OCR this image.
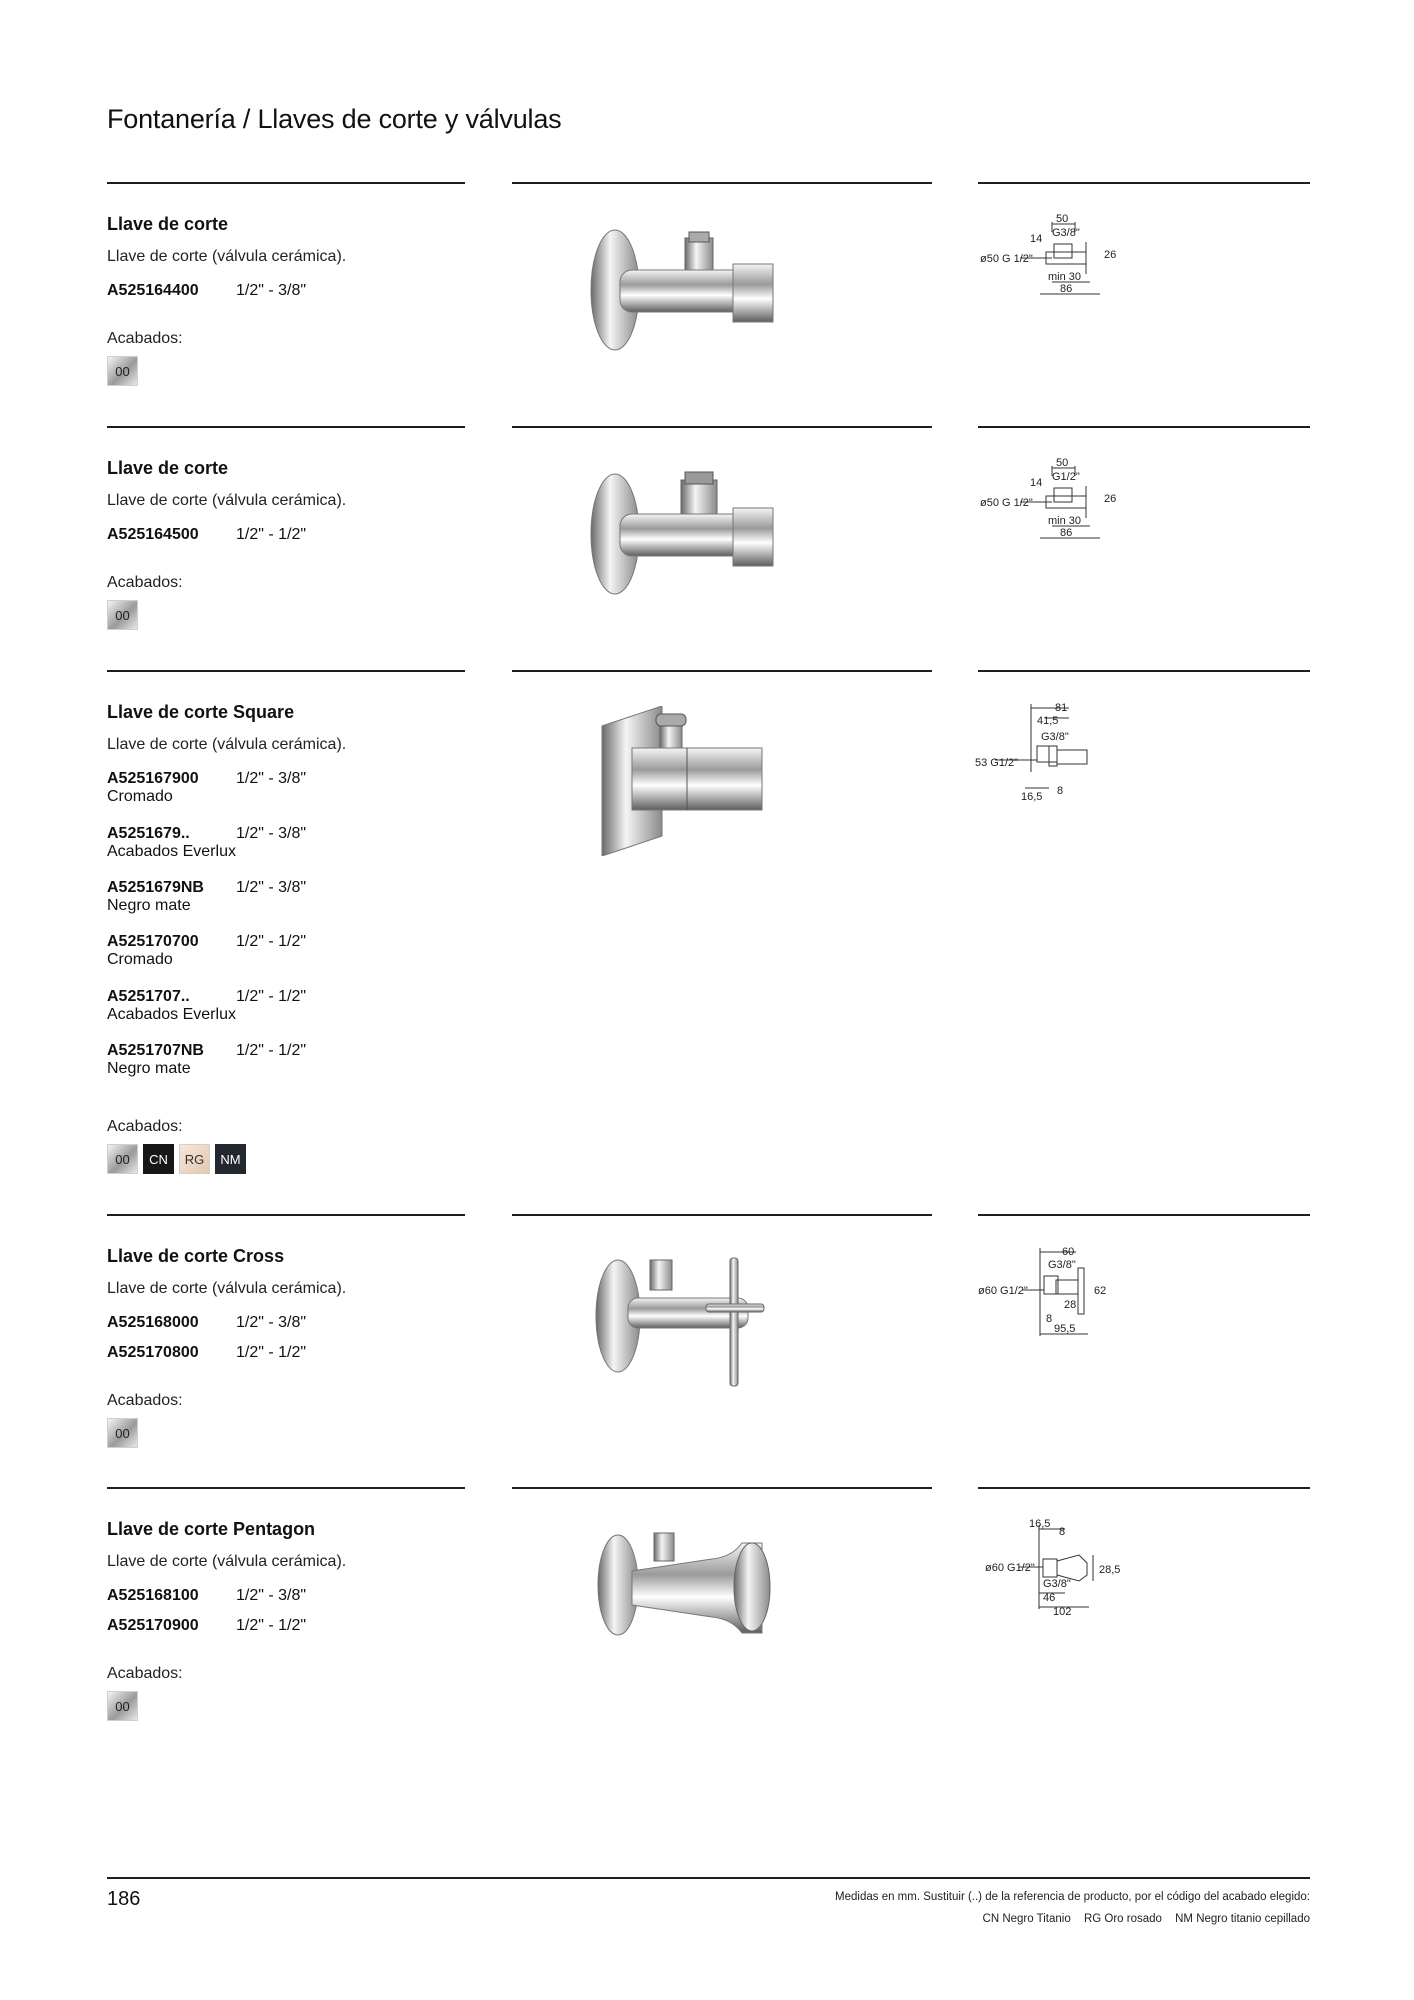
Fontanería / Llaves de corte y válvulas
Llave de corte
Llave de corte (válvula cerámica).
A525164400 1/2" - 3/8"
Acabados:
00
50
14 G3/8"
ø50 G 1/2"	26
min 30
86
Llave de corte
Llave de corte (válvula cerámica).
A525164500 1/2" - 1/2"
Acabados:
00
50
14 G1/2"
ø50 G 1/2"	26
min 30
86
Llave de corte Square
Llave de corte (válvula cerámica).
A525167900 1/2" - 3/8"
Cromado
A5251679..	1/2" - 3/8"
Acabados Everlux
A5251679NB 1/2" - 3/8"
Negro mate
A525170700 1/2" - 1/2"
Cromado
A5251707..	1/2" - 1/2"
Acabados Everlux
A5251707NB 1/2" - 1/2"
Negro mate
Acabados:
00	CN	RG	NM
81
41,5
G3/8"
53 G1/2"
16,5 8
Llave de corte Cross
Llave de corte (válvula cerámica).
A525168000 1/2" - 3/8"
A525170800 1/2" - 1/2"
Acabados:
00
60
G3/8"
ø60 G1/2"	62
28
8
95,5
Llave de corte Pentagon
Llave de corte (válvula cerámica).
A525168100 1/2" - 3/8"
A525170900 1/2" - 1/2"
Acabados:
00
16,5
8
ø60 G1/2"	28,5
G3/8"
46
102
186	Medidas en mm. Sustituir (..) de la referencia de producto, por el código del acabado elegido:
CN Negro Titanio RG Oro rosado NM Negro titanio cepillado
